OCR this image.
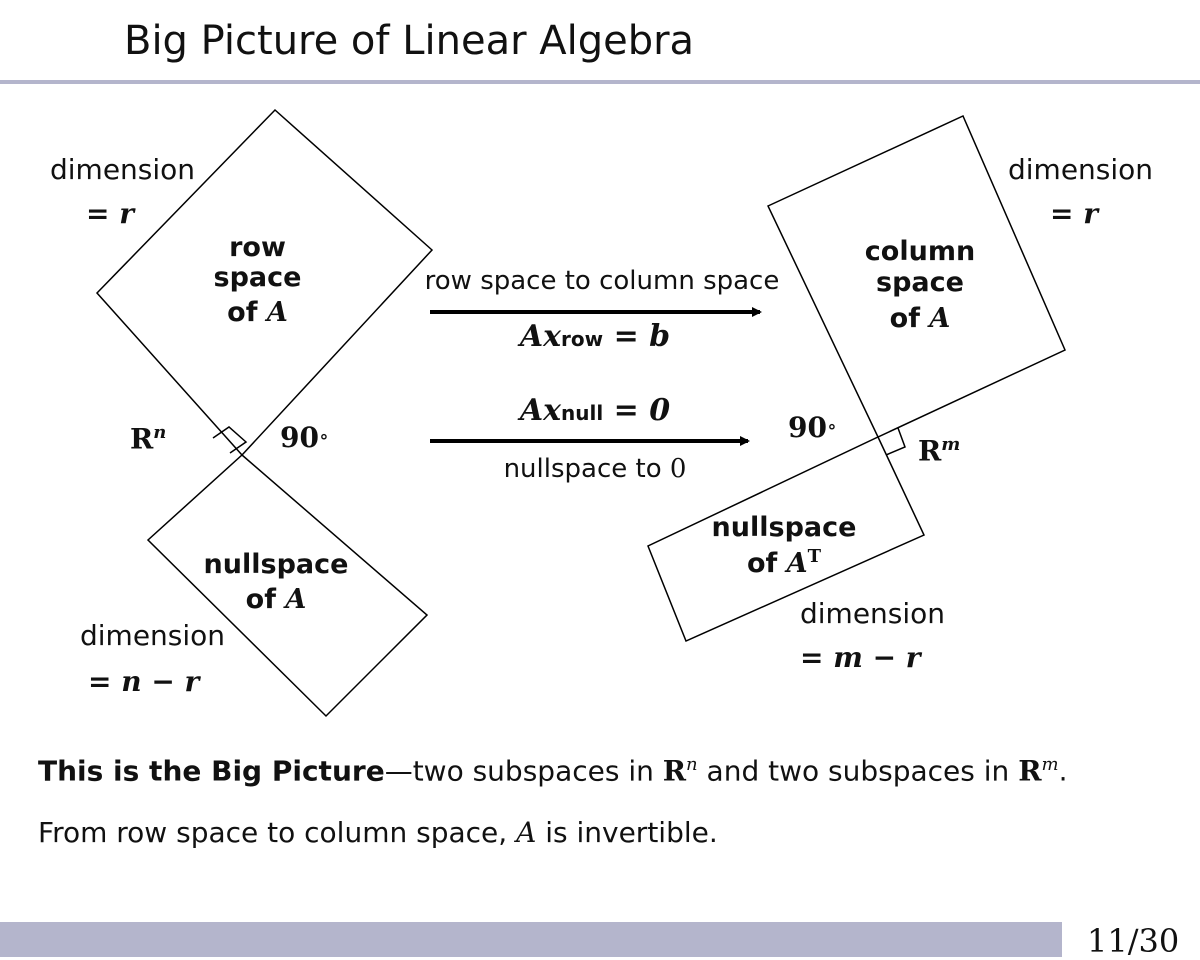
Big Picture of Linear Algebra
dimension
= r
row
space
of A
$R^n$	90∘
nullspace
of A
dimension
= n − r
row space to column space
Axrow = b
Axnull = 0
nullspace to 0
dimension
= r
column
space
of A
90∘
$R^m$
nullspace
of $A^T$
dimension
= m − r
This is the Big Picture—two subspaces in $R^n$ and two subspaces in $R^m$.
From row space to column space, A is invertible.
11/30
